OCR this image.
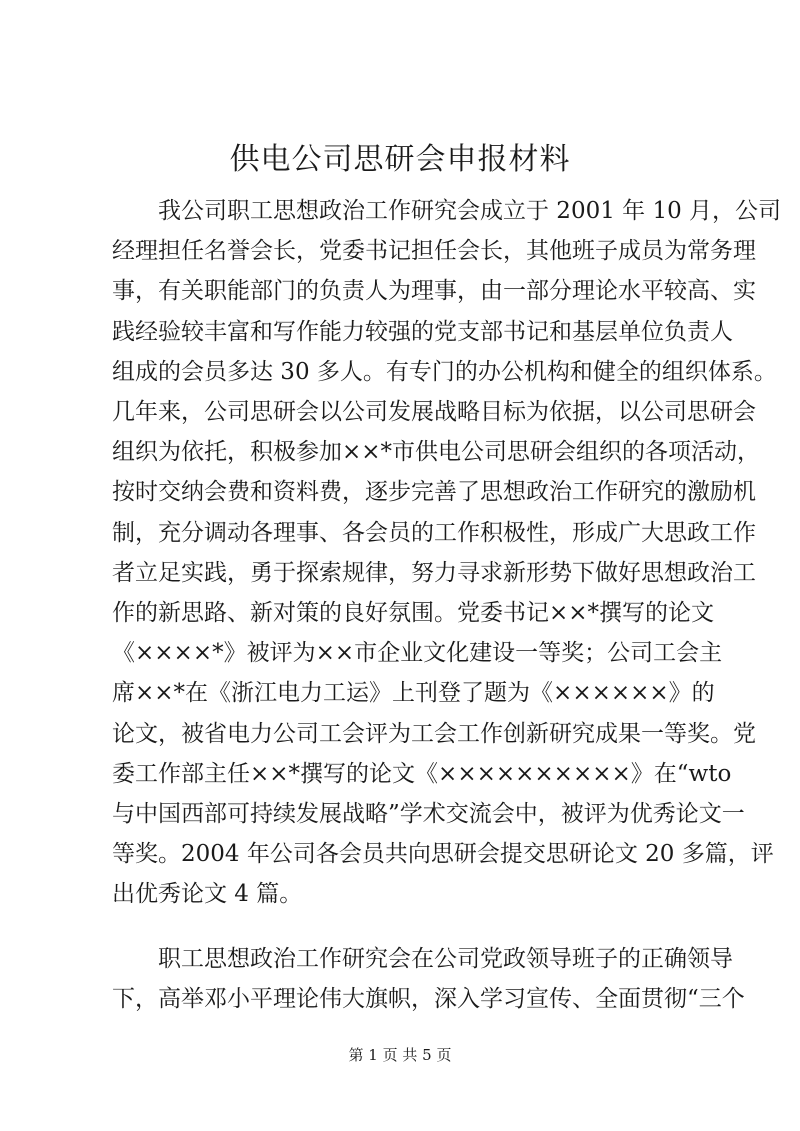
供电公司思研会申报材料
我公司职工思想政治工作研究会成立于 2001 年 10 月，公司
经理担任名誉会长，党委书记担任会长，其他班子成员为常务理
事，有关职能部门的负责人为理事，由一部分理论水平较高、实
践经验较丰富和写作能力较强的党支部书记和基层单位负责人
组成的会员多达 30 多人。有专门的办公机构和健全的组织体系。
几年来，公司思研会以公司发展战略目标为依据，以公司思研会
组织为依托，积极参加××*市供电公司思研会组织的各项活动，
按时交纳会费和资料费，逐步完善了思想政治工作研究的激励机
制，充分调动各理事、各会员的工作积极性，形成广大思政工作
者立足实践，勇于探索规律，努力寻求新形势下做好思想政治工
作的新思路、新对策的良好氛围。党委书记××*撰写的论文
《××××*》被评为××市企业文化建设一等奖；公司工会主
席××*在《浙江电力工运》上刊登了题为《××××××》的
论文，被省电力公司工会评为工会工作创新研究成果一等奖。党
委工作部主任××*撰写的论文《××××××××××》在“wto
与中国西部可持续发展战略”学术交流会中，被评为优秀论文一
等奖。2004 年公司各会员共向思研会提交思研论文 20 多篇，评
出优秀论文 4 篇。
职工思想政治工作研究会在公司党政领导班子的正确领导
下，高举邓小平理论伟大旗帜，深入学习宣传、全面贯彻“三个
第 1 页 共 5 页
